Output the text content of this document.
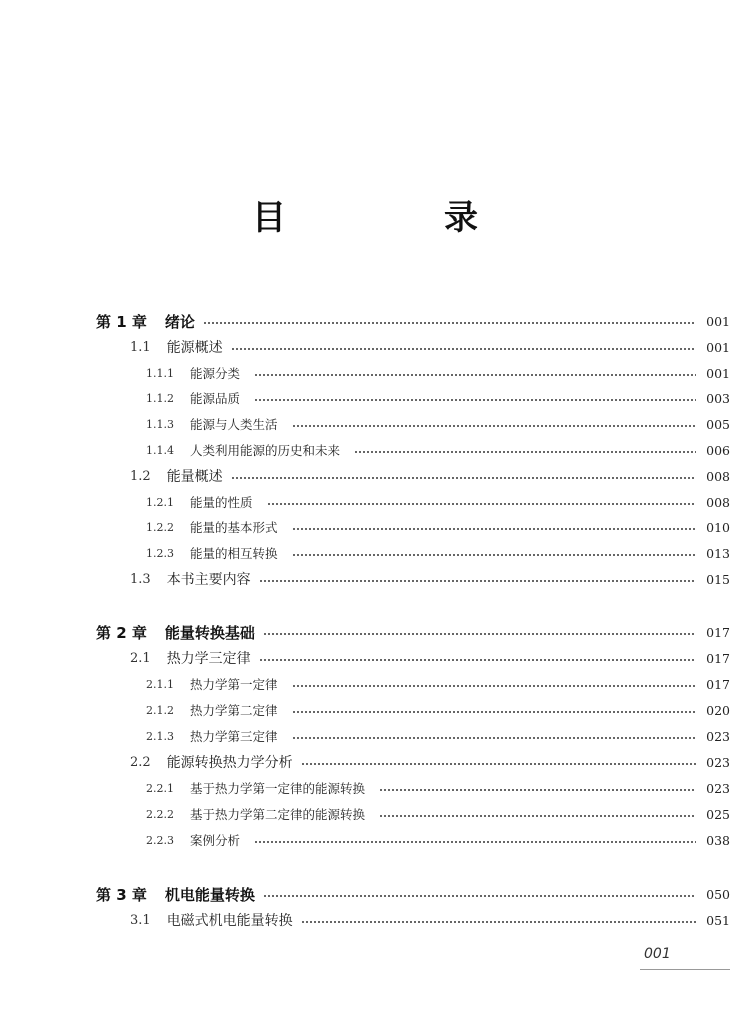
目　录
第 1 章 绪论	001
1.1 能源概述	001
1.1.1 能源分类	001
1.1.2 能源品质	003
1.1.3 能源与人类生活	005
1.1.4 人类利用能源的历史和未来	006
1.2 能量概述	008
1.2.1 能量的性质	008
1.2.2 能量的基本形式	010
1.2.3 能量的相互转换	013
1.3 本书主要内容	015
第 2 章 能量转换基础	017
2.1 热力学三定律	017
2.1.1 热力学第一定律	017
2.1.2 热力学第二定律	020
2.1.3 热力学第三定律	023
2.2 能源转换热力学分析	023
2.2.1 基于热力学第一定律的能源转换	023
2.2.2 基于热力学第二定律的能源转换	025
2.2.3 案例分析	038
第 3 章 机电能量转换	050
3.1 电磁式机电能量转换	051
001
